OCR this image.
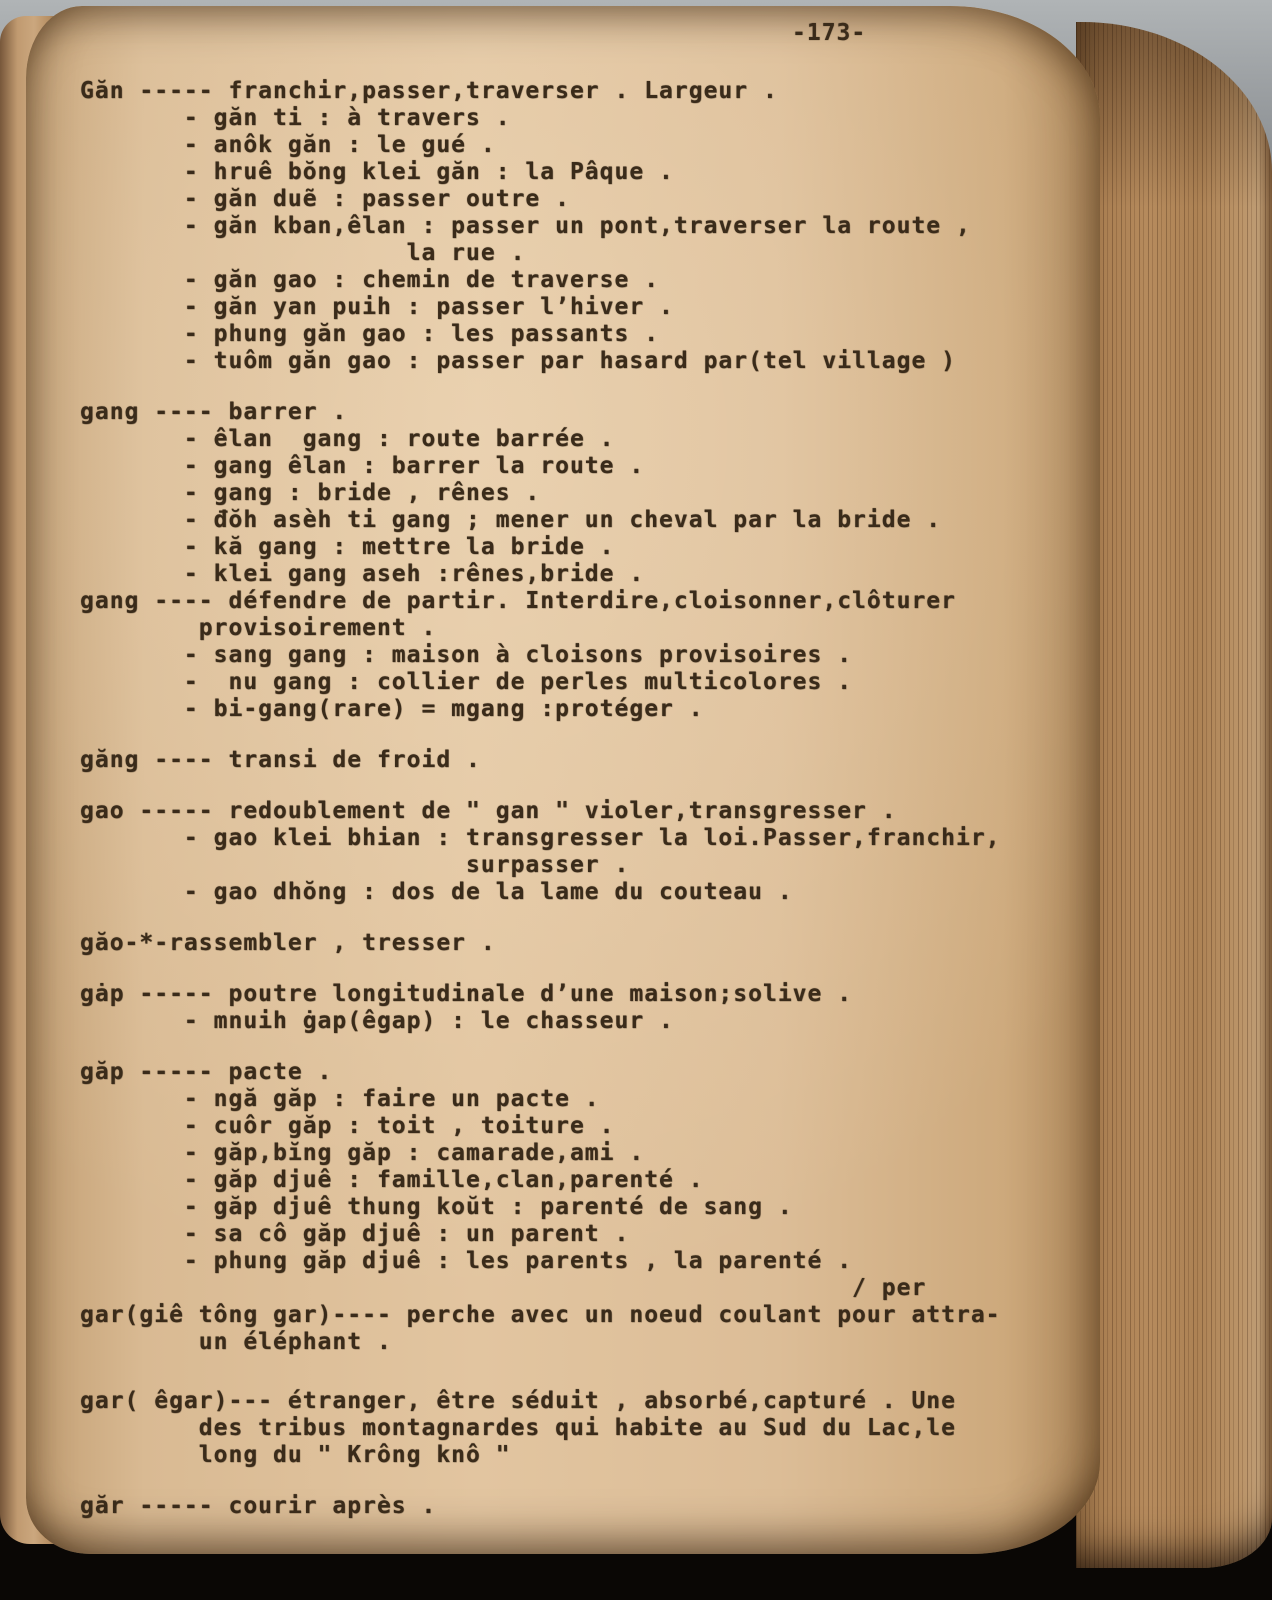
-173-
Găn ----- franchir,passer,traverser . Largeur .
- găn ti : à travers .
- anôk găn : le gué .
- hruê bŏng klei găn : la Pâque .
- găn duẽ : passer outre .
- găn kban,êlan : passer un pont,traverser la route ,
la rue .
- găn gao : chemin de traverse .
- găn yan puih : passer l’hiver .
- phung găn gao : les passants .
- tuôm găn gao : passer par hasard par(tel village )
gang ---- barrer .
- êlan  gang : route barrée .
- gang êlan : barrer la route .
- gang : bride , rênes .
- đŏh asèh ti gang ; mener un cheval par la bride .
- kă gang : mettre la bride .
- klei gang aseh :rênes,bride .
gang ---- défendre de partir. Interdire,cloisonner,clôturer
provisoirement .
- sang gang : maison à cloisons provisoires .
-  nu gang : collier de perles multicolores .
- bi-gang(rare) = mgang :protéger .
găng ---- transi de froid .
gao ----- redoublement de " gan " violer,transgresser .
- gao klei bhian : transgresser la loi.Passer,franchir,
surpasser .
- gao dhŏng : dos de la lame du couteau .
găo-*-rassembler , tresser .
gȧp ----- poutre longitudinale d’une maison;solive .
- mnuih ġap(êgap) : le chasseur .
găp ----- pacte .
- ngă găp : faire un pacte .
- cuôr găp : toit , toiture .
- găp,bĭng găp : camarade,ami .
- găp djuê : famille,clan,parenté .
- găp djuê thung koŭt : parenté de sang .
- sa cô găp djuê : un parent .
- phung găp djuê : les parents , la parenté .
/ per
gar(giê tông gar)---- perche avec un noeud coulant pour attra-
un éléphant .
gar( êgar)--- étranger, être séduit , absorbé,capturé . Une
des tribus montagnardes qui habite au Sud du Lac,le
long du " Krông knô "
găr ----- courir après .
